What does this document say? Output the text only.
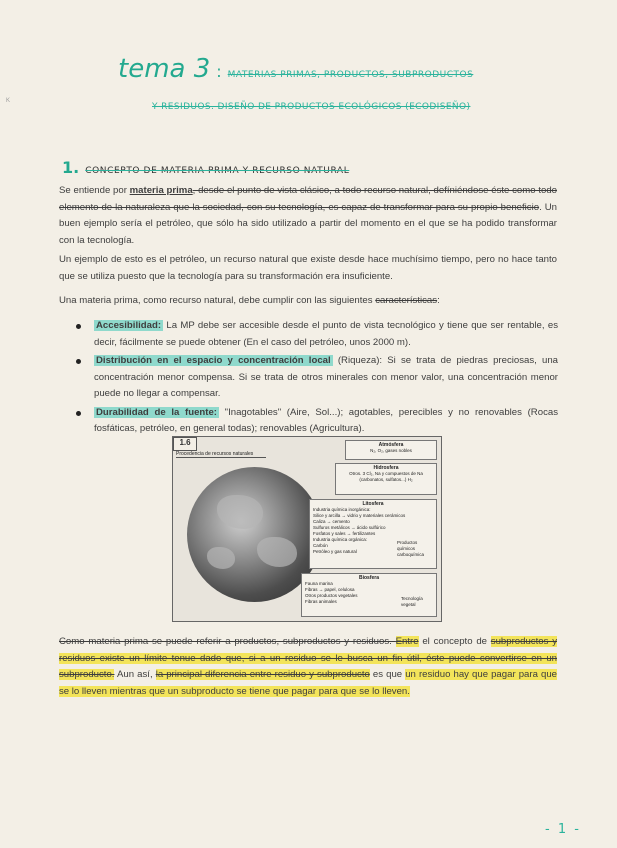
K
tema 3 : MATERIAS PRIMAS, PRODUCTOS, SUBPRODUCTOS
Y RESIDUOS. DISEÑO DE PRODUCTOS ECOLÓGICOS (ECODISEÑO)
1. CONCEPTO DE MATERIA PRIMA Y RECURSO NATURAL
Se entiende por materia prima, desde el punto de vista clásico, a todo recurso natural, defíniéndose éste como todo elemento de la naturaleza que la sociedad, con su tecnología, es capaz de transformar para su propio beneficio. Un buen ejemplo sería el petróleo, que sólo ha sido utilizado a partir del momento en el que se ha podido transformar con la tecnología.
Un ejemplo de esto es el petróleo, un recurso natural que existe desde hace muchísimo tiempo, pero no hace tanto que se utiliza puesto que la tecnología para su transformación era insuficiente.
Una materia prima, como recurso natural, debe cumplir con las siguientes características:
Accesibilidad: La MP debe ser accesible desde el punto de vista tecnológico y tiene que ser rentable, es decir, fácilmente se puede obtener (En el caso del petróleo, unos 2000 m).
Distribución en el espacio y concentración local (Riqueza): Si se trata de piedras preciosas, una concentración menor compensa. Si se trata de otros minerales con menor valor, una concentración menor puede no llegar a compensar.
Durabilidad de la fuente: "Inagotables" (Aire, Sol...); agotables, perecibles y no renovables (Rocas fosfáticas, petróleo, en general todas); renovables (Agricultura).
1.6
Procedencia de recursos naturales
Atmósfera
N₂, O₂, gases nobles
Hidrosfera
Otros. 3 Cl₂, Na y compuestos de Na (carbonatos, sulfatos...) H₂
Litosfera
Industria química inorgánica:
Silice y arcilla → vidrio y materiales cerámicos
Caliza → cemento
Sulfuros metálicos → ácido sulfúrico
Fosfatos y sales → fertilizantes
Industria química orgánica:
Carbón
Petróleo y gas natural
Productos químicos carboquímica
Biosfera
Fauna marina
Fibras → papel, celulosa
Otros productos vegetales
Fibras animales
Tecnología vegetal
Como materia prima se puede referir a productos, subproductos y residuos. Entre el concepto de subproductos y residuos existe un límite tenue dado que, si a un residuo se le busca un fin útil, éste puede convertirse en un subproducto. Aun así, la principal diferencia entre residuo y subproducto es que un residuo hay que pagar para que se lo lleven mientras que un subproducto se tiene que pagar para que se lo lleven.
- 1 -
